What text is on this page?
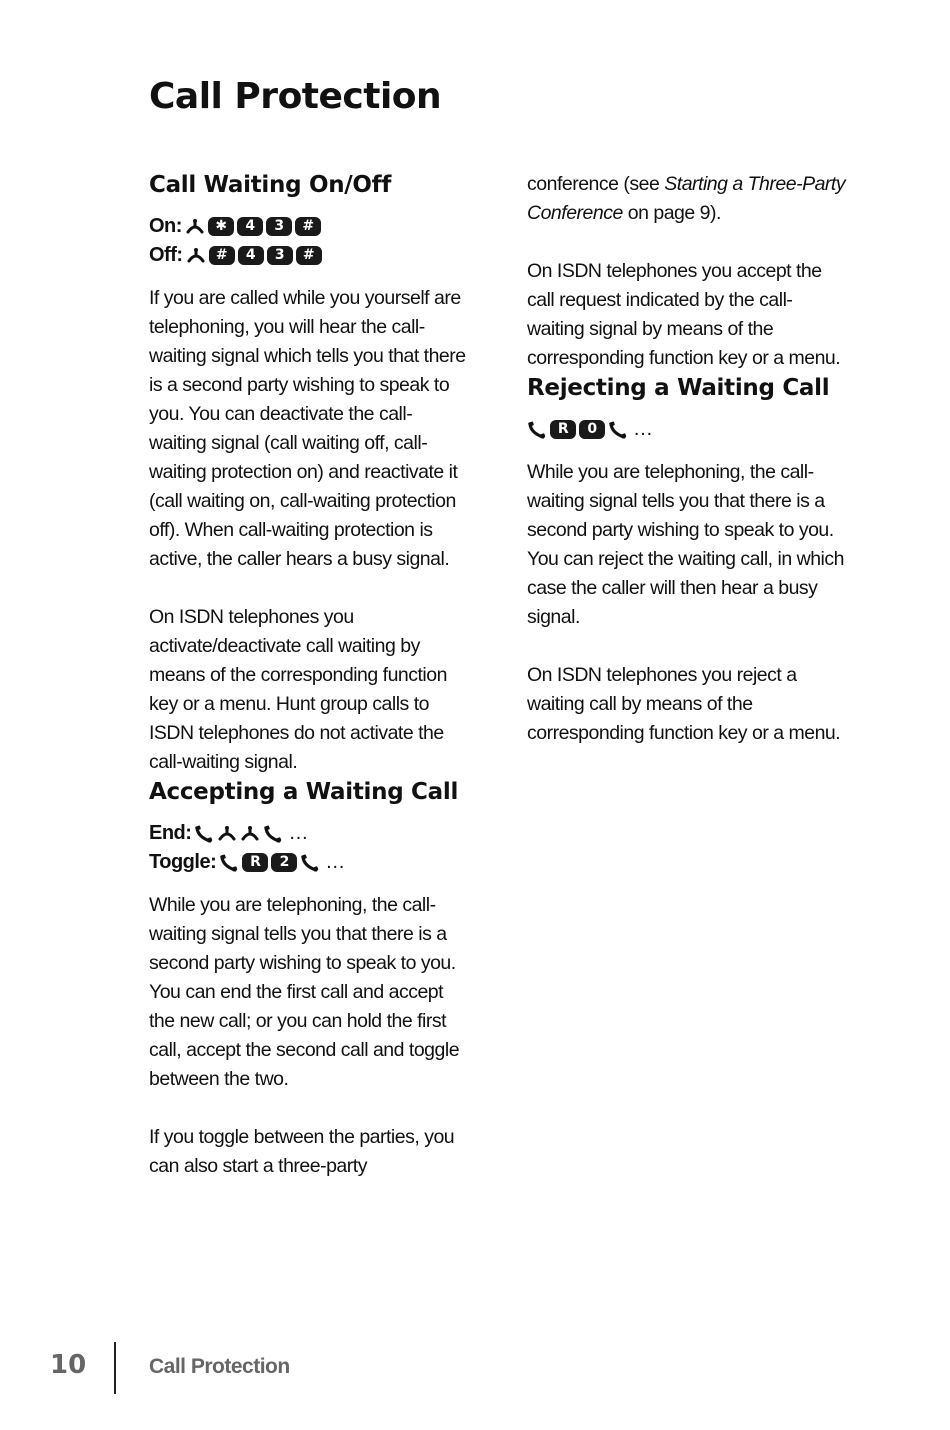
Call Protection
Call Waiting On/Off
On:	✱	4	3	#
Off:	#	4	3	#

If you are called while you yourself are telephoning, you will hear the call-waiting signal which tells you that there is a second party wishing to speak to you. You can deactivate the call-waiting signal (call waiting off, call-waiting protection on) and reactivate it (call waiting on, call-waiting protection off). When call-waiting protection is active, the caller hears a busy signal.

On ISDN telephones you activate/deactivate call waiting by means of the corresponding function key or a menu. Hunt group calls to ISDN telephones do not activate the call-waiting signal.

Accepting a Waiting Call
End:	…
Toggle:	R	2	…

While you are telephoning, the call-waiting signal tells you that there is a second party wishing to speak to you. You can end the first call and accept the new call; or you can hold the first call, accept the second call and toggle between the two.

If you toggle between the parties, you can also start a three-party

conference (see Starting a Three-Party Conference on page 9).

On ISDN telephones you accept the call request indicated by the call-waiting signal by means of the corresponding function key or a menu.

Rejecting a Waiting Call
R	0	…

While you are telephoning, the call-waiting signal tells you that there is a second party wishing to speak to you. You can reject the waiting call, in which case the caller will then hear a busy signal.

On ISDN telephones you reject a waiting call by means of the corresponding function key or a menu.

10	Call Protection
